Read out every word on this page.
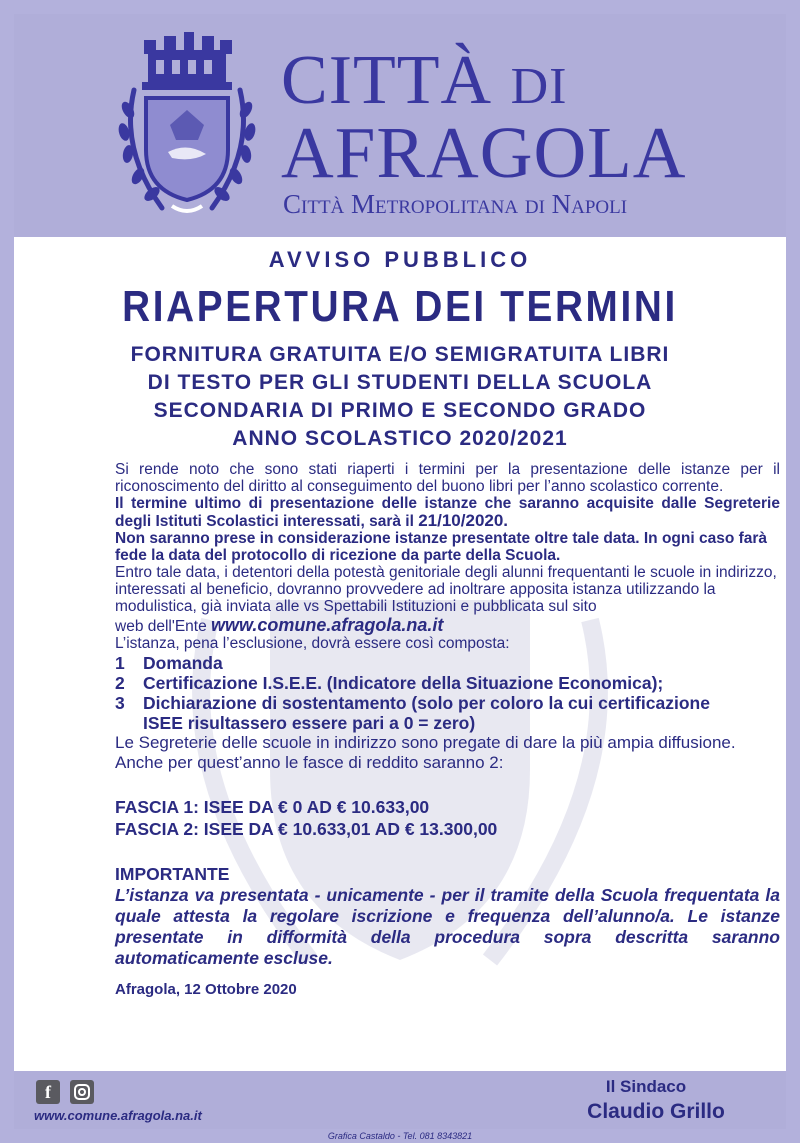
CITTÀ DI
AFRAGOLA
Città Metropolitana di Napoli
AVVISO PUBBLICO
RIAPERTURA DEI TERMINI
FORNITURA GRATUITA E/O SEMIGRATUITA LIBRI
DI TESTO PER GLI STUDENTI DELLA SCUOLA
SECONDARIA DI PRIMO E SECONDO GRADO
ANNO SCOLASTICO 2020/2021

Si rende noto che sono stati riaperti i termini per la presentazione delle istanze per il riconoscimento del diritto al conseguimento del buono libri per l’anno scolastico corrente.

Il termine ultimo di presentazione delle istanze che saranno acquisite dalle Segreterie degli Istituti Scolastici interessati, sarà il 21/10/2020.

Non saranno prese in considerazione istanze presentate oltre tale data. In ogni caso farà fede la data del protocollo di ricezione da parte della Scuola.

Entro tale data, i detentori della potestà genitoriale degli alunni frequentanti le scuole in indirizzo, interessati al beneficio, dovranno provvedere ad inoltrare apposita istanza utilizzando la modulistica, già inviata alle vs Spettabili Istituzioni e pubblicata sul sito

web dell'Ente www.comune.afragola.na.it

L’istanza, pena l’esclusione, dovrà essere così composta:

1	Domanda
2	Certificazione I.S.E.E. (Indicatore della Situazione Economica);
3	Dichiarazione di sostentamento (solo per coloro la cui certificazione ISEE risultassero essere pari a 0 = zero)

Le Segreterie delle scuole in indirizzo sono pregate di dare la più ampia diffusione.

Anche per quest’anno le fasce di reddito saranno 2:

FASCIA 1: ISEE DA € 0 AD € 10.633,00

FASCIA 2: ISEE DA € 10.633,01 AD € 13.300,00

IMPORTANTE

L’istanza va presentata - unicamente - per il tramite della Scuola frequentata la quale attesta la regolare iscrizione e frequenza dell’alunno/a. Le istanze presentate in difformità della procedura sopra descritta saranno automaticamente escluse.

Afragola, 12 Ottobre 2020

f
www.comune.afragola.na.it
Il Sindaco
Claudio Grillo
Grafica Castaldo - Tel. 081 8343821
